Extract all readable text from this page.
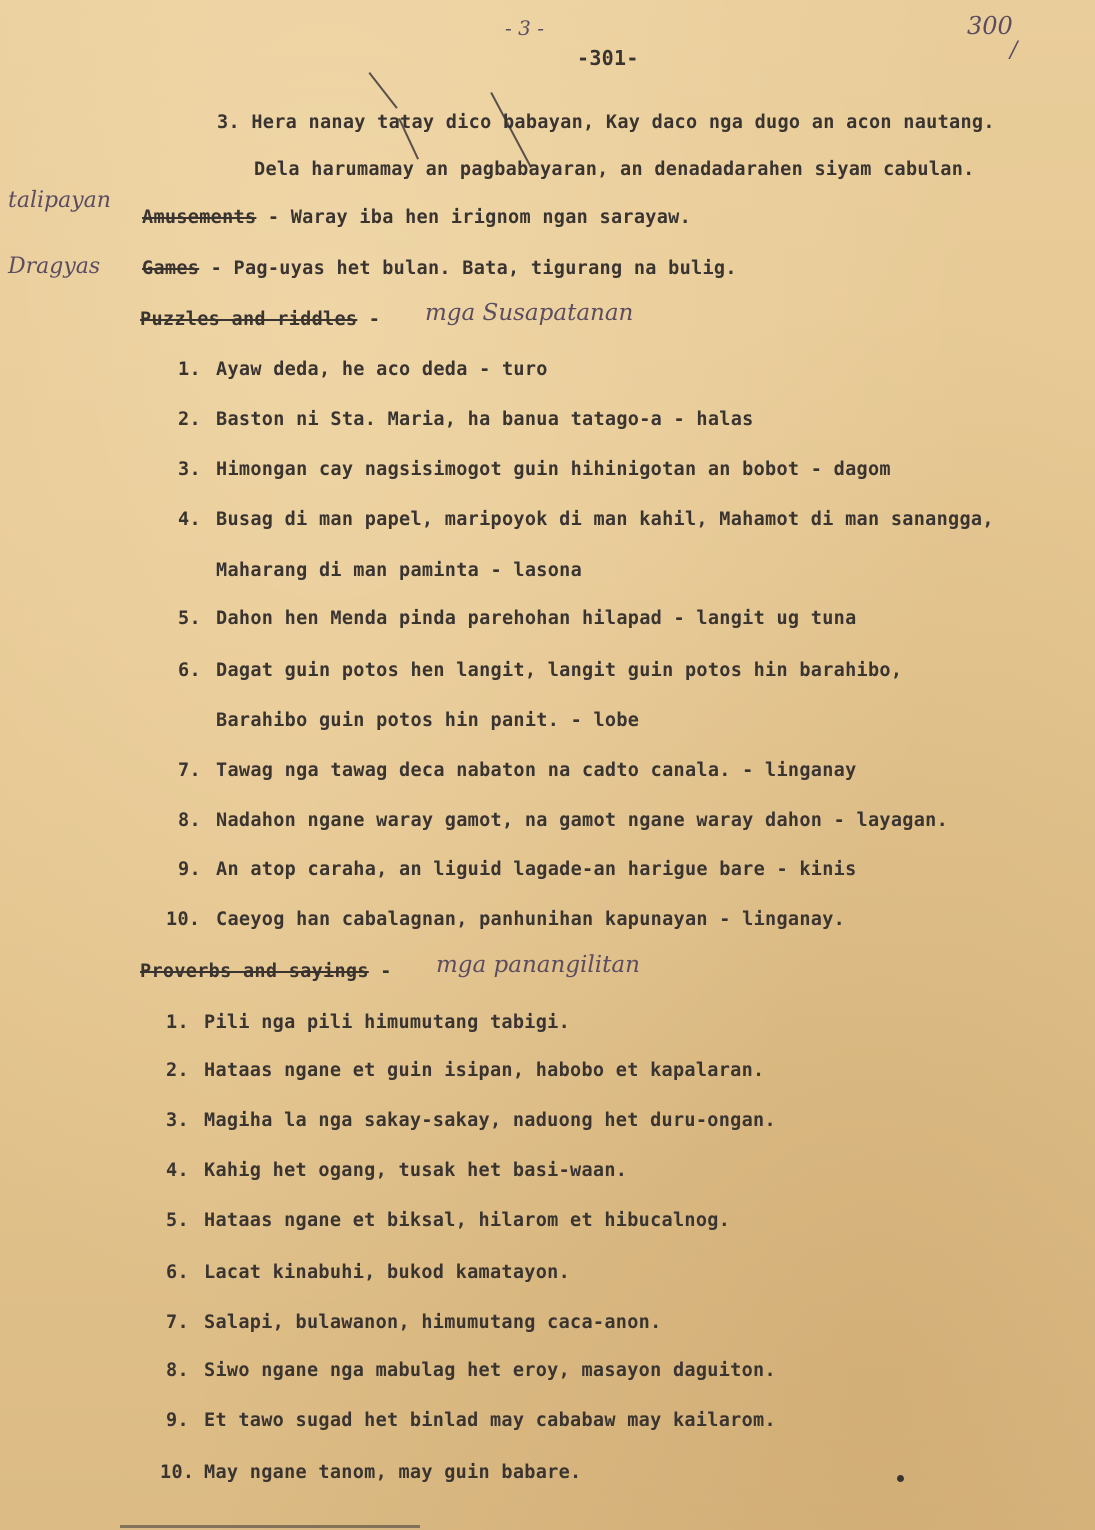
- 3 -
-301-
300
/
3. Hera nanay tatay dico babayan, Kay daco nga dugo an acon nautang.
Dela harumamay an pagbabayaran, an denadadarahen siyam cabulan.
talipayan
Amusements - Waray iba hen irignom ngan sarayaw.
Dragyas Games - Pag-uyas het bulan. Bata, tigurang na bulig.
Puzzles and riddles - mga Susapatanan
1. Ayaw deda, he aco deda - turo
2. Baston ni Sta. Maria, ha banua tatago-a - halas
3. Himongan cay nagsisimogot guin hihinigotan an bobot - dagom
4. Busag di man papel, maripoyok di man kahil, Mahamot di man sanangga,
Maharang di man paminta - lasona
5. Dahon hen Menda pinda parehohan hilapad - langit ug tuna
6. Dagat guin potos hen langit, langit guin potos hin barahibo,
Barahibo guin potos hin panit. - lobe
7. Tawag nga tawag deca nabaton na cadto canala. - linganay
8. Nadahon ngane waray gamot, na gamot ngane waray dahon - layagan.
9. An atop caraha, an liguid lagade-an harigue bare - kinis
10. Caeyog han cabalagnan, panhunihan kapunayan - linganay.
Proverbs and sayings - mga panangilitan
1. Pili nga pili himumutang tabigi.
2. Hataas ngane et guin isipan, habobo et kapalaran.
3. Magiha la nga sakay-sakay, naduong het duru-ongan.
4. Kahig het ogang, tusak het basi-waan.
5. Hataas ngane et biksal, hilarom et hibucalnog.
6. Lacat kinabuhi, bukod kamatayon.
7. Salapi, bulawanon, himumutang caca-anon.
8. Siwo ngane nga mabulag het eroy, masayon daguiton.
9. Et tawo sugad het binlad may cababaw may kailarom.
10. May ngane tanom, may guin babare.
